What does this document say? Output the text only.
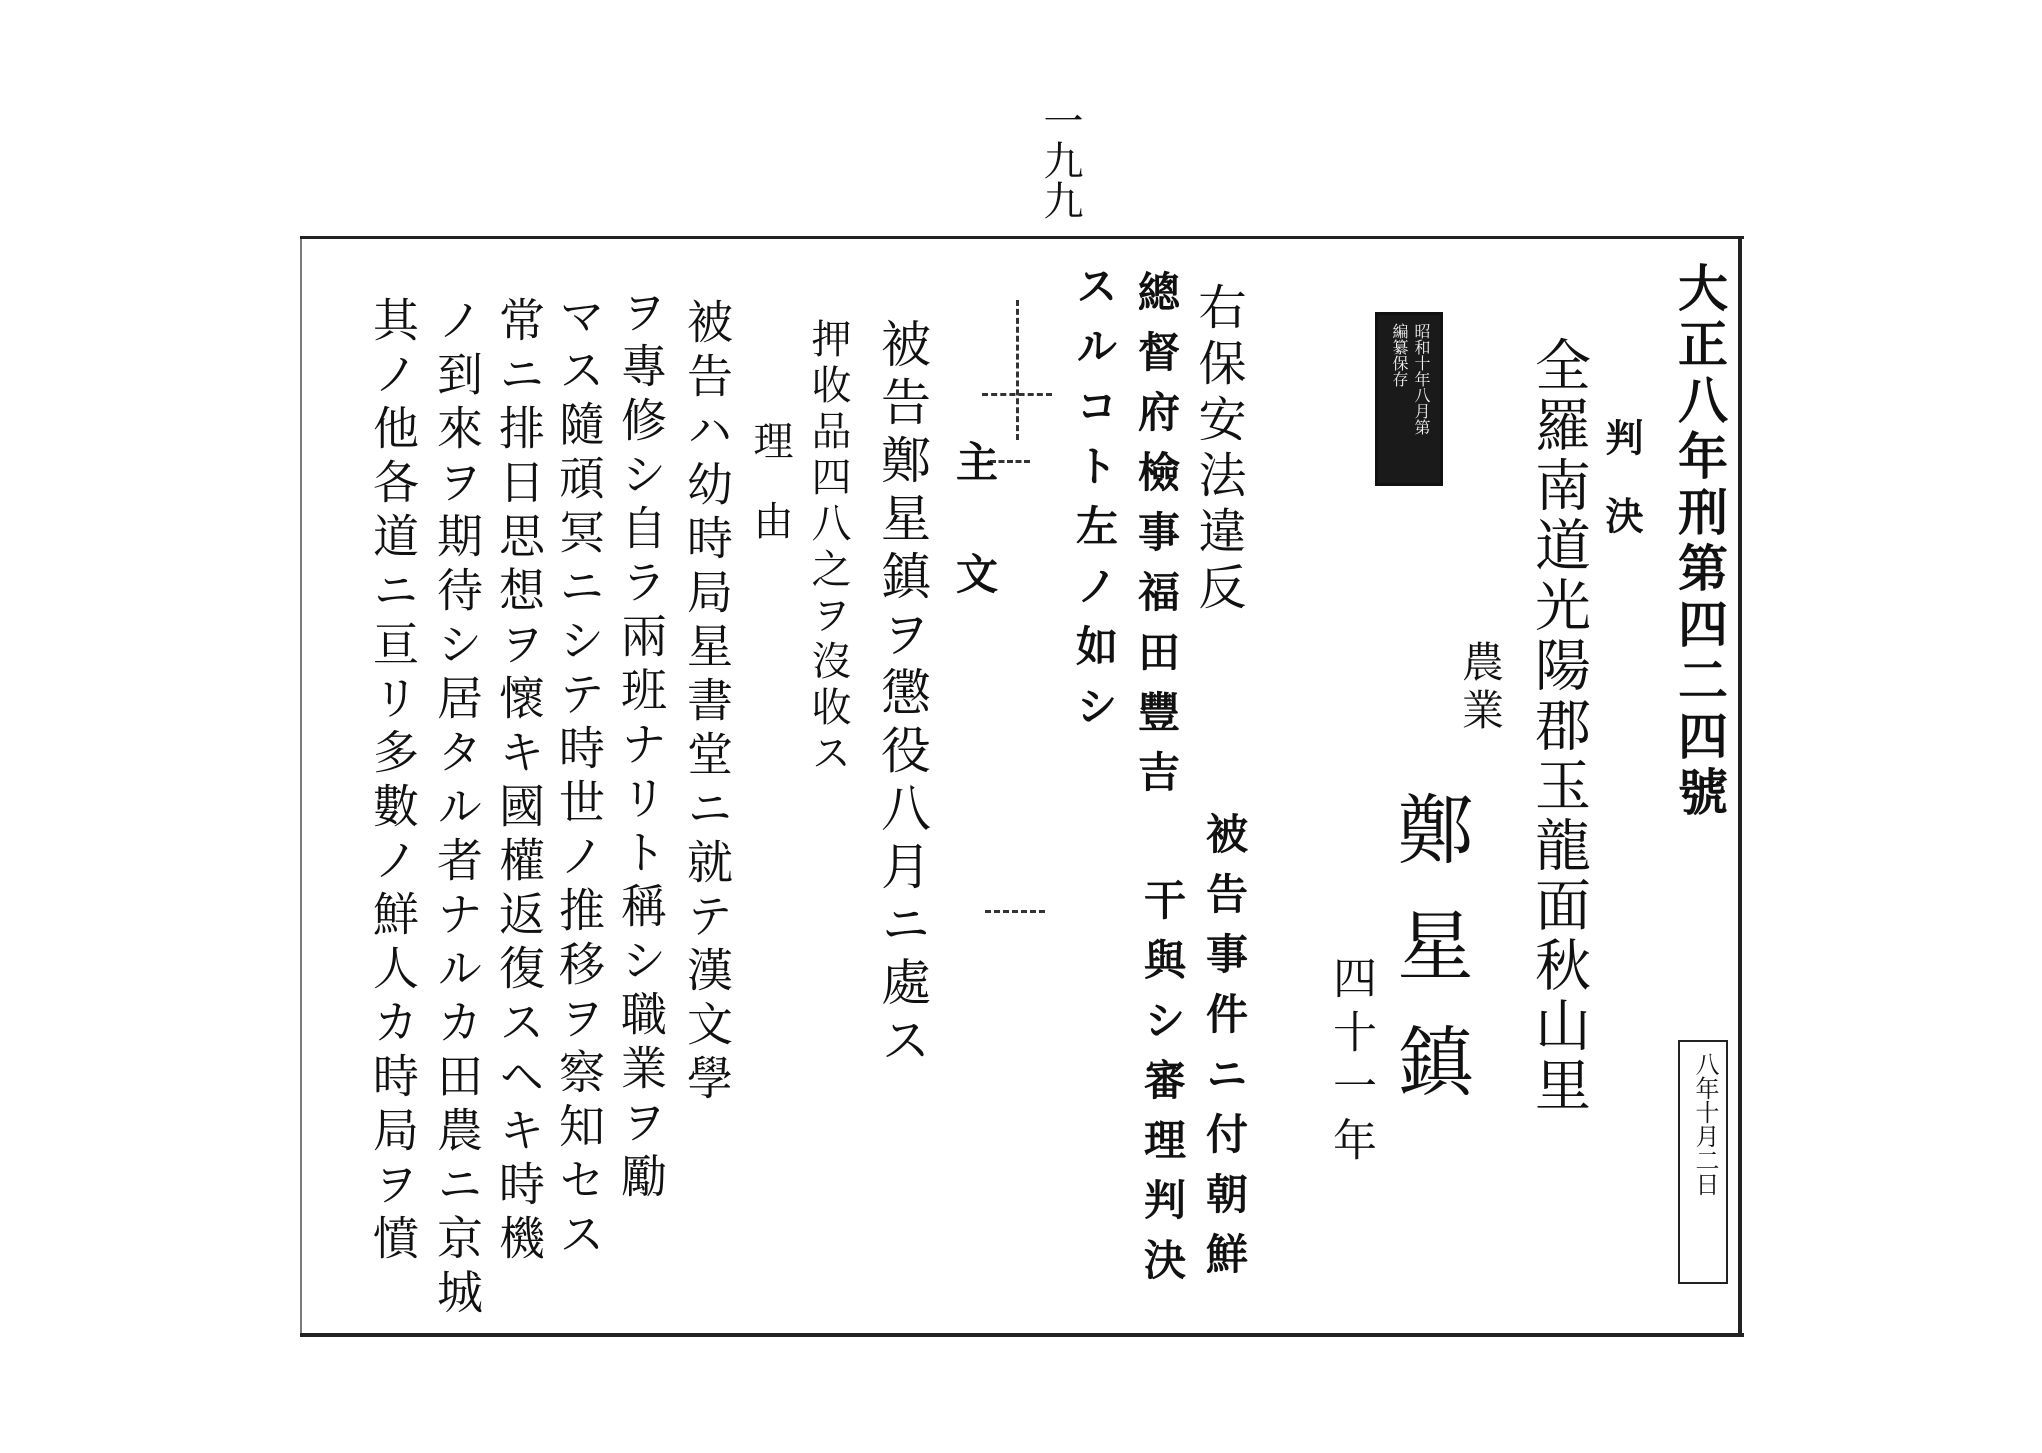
一九九
大正八年刑第四二四號
判決
全羅南道光陽郡玉龍面秋山里
農業
鄭星鎮
四十一年
昭和十年八月第
編纂保存
右保安法違反
被告事件ニ付朝鮮
總督府檢事福田豐吉
干與シ審理判決
スルコト左ノ如シ
八年十月二日
主文
被告鄭星鎮ヲ懲役八月ニ處ス
押收品四八之ヲ沒收ス
理由
被告ハ幼時局星書堂ニ就テ漢文學
ヲ專修シ自ラ兩班ナリト稱シ職業ヲ勵
マス隨頑冥ニシテ時世ノ推移ヲ察知セス
常ニ排日思想ヲ懷キ國權返復スヘキ時機
ノ到來ヲ期待シ居タル者ナルカ田農ニ京城
其ノ他各道ニ亘リ多數ノ鮮人カ時局ヲ憤
